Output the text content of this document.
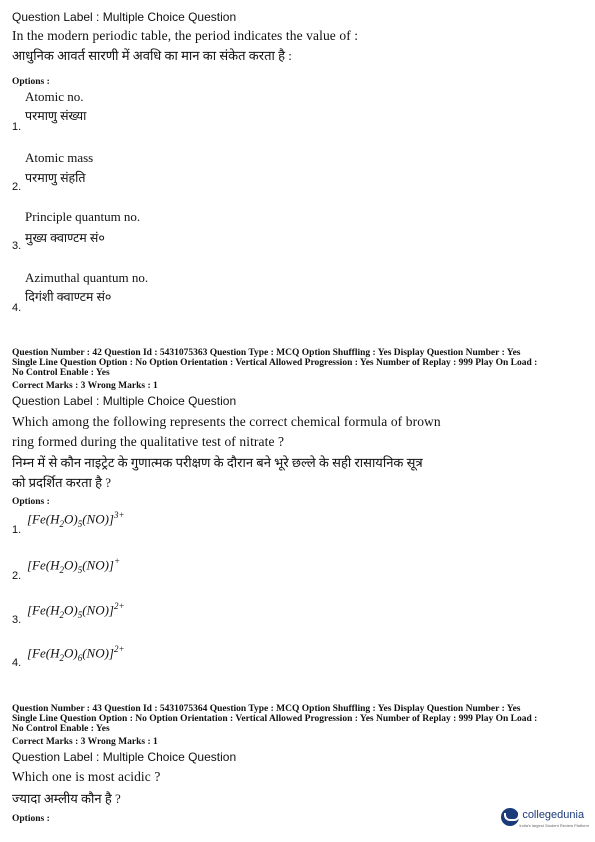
Question Label : Multiple Choice Question
In the modern periodic table, the period indicates the value of :
आधुनिक आवर्त सारणी में अवधि का मान का संकेत करता है :
Options :
Atomic no.
परमाणु संख्या
1.
Atomic mass
परमाणु संहति
2.
Principle quantum no.
मुख्य क्वाण्टम सं०
3.
Azimuthal quantum no.
दिगंशी क्वाण्टम सं०
4.
Question Number : 42 Question Id : 5431075363 Question Type : MCQ Option Shuffling : Yes Display Question Number : Yes
Single Line Question Option : No Option Orientation : Vertical Allowed Progression : Yes Number of Replay : 999 Play On Load :
No Control Enable : Yes
Correct Marks : 3 Wrong Marks : 1
Question Label : Multiple Choice Question
Which among the following represents the correct chemical formula of brown
ring formed during the qualitative test of nitrate ?
निम्न में से कौन नाइट्रेट के गुणात्मक परीक्षण के दौरान बने भूरे छल्ले के सही रासायनिक सूत्र
को प्रदर्शित करता है ?
Options :
$[Fe(H_2O)_5(NO)]^{3+}$
1.
$[Fe(H_2O)_5(NO)]^+$
2.
$[Fe(H_2O)_5(NO)]^{2+}$
3.
$[Fe(H_2O)_6(NO)]^{2+}$
4.
Question Number : 43 Question Id : 5431075364 Question Type : MCQ Option Shuffling : Yes Display Question Number : Yes
Single Line Question Option : No Option Orientation : Vertical Allowed Progression : Yes Number of Replay : 999 Play On Load :
No Control Enable : Yes
Correct Marks : 3 Wrong Marks : 1
Question Label : Multiple Choice Question
Which one is most acidic ?
ज्यादा अम्लीय कौन है ?
Options :	collegedunia
India's largest Student Review Platform
